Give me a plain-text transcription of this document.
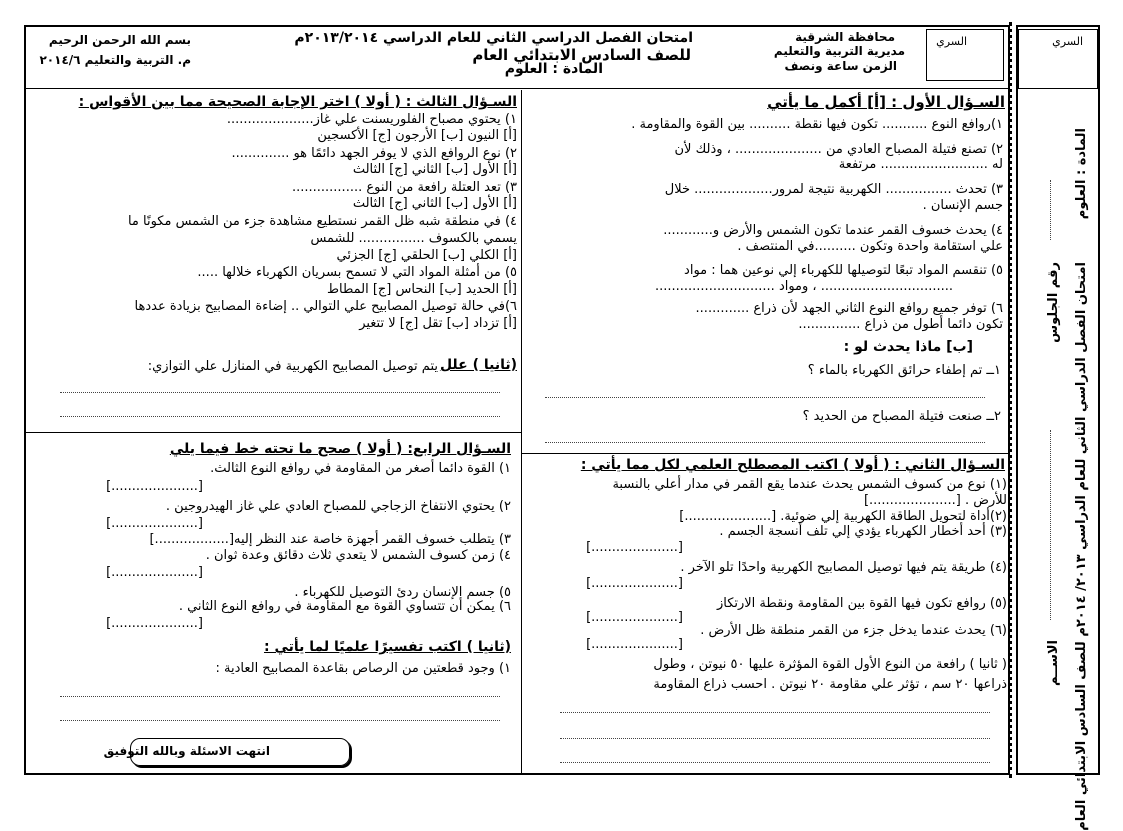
بسم الله الرحمن الرحيم
م. التربية والتعليم ٢٠١٤/٦
امتحان الفصل الدراسي الثاني للعام الدراسي ٢٠١٣/٢٠١٤م
للصف السادس الابتدائي العام
المادة : العلوم
محافظة الشرقية
مديرية التربية والتعليم
الزمن ساعة ونصف
السري	السري
المادة : العلوم
امتحان الفصل الدراسي الثاني للعام الدراسي ٢٠١٣/ ٢٠١٤م للصف السادس الابتدائي العام
رقم الجلوس
الاســم
السـؤال الأول : [أ] أكمل ما يأتي
١)روافع النوع ........... تكون فيها نقطة .......... بين القوة والمقاومة .
٢) تصنع فتيلة المصباح العادي من ..................... ، وذلك لأن
له .......................... مرتفعة
٣) تحدث ................ الكهربية نتيجة لمرور................... خلال
جسم الإنسان .
٤) يحدث خسوف القمر عندما تكون الشمس والأرض و............
علي استقامة واحدة وتكون ..........في المنتصف .
٥) تنقسم المواد تبعًا لتوصيلها للكهرباء إلي نوعين هما : مواد
................................ ، ومواد .............................
٦) توفر جميع روافع النوع الثاني الجهد لأن ذراع .............
تكون دائما أطول من ذراع ...............
[ب] ماذا يحدث لو :
١ــ تم إطفاء حرائق الكهرباء بالماء ؟
٢ــ صنعت فتيلة المصباح من الحديد ؟
السـؤال الثاني : ( أولا ) اكتب المصطلح العلمي لكل مما يأتي :
(١) نوع من كسوف الشمس يحدث عندما يقع القمر في مدار أعلي بالنسبة
للأرض . [.....................]
(٢)أداة لتحويل الطاقة الكهربية إلي ضوئية. [.....................]
(٣) أحد أخطار الكهرباء يؤدي إلي تلف أنسجة الجسم .
[.....................]
(٤) طريقة يتم فيها توصيل المصابيح الكهربية واحدًا تلو الآخر .
[.....................]
(٥) روافع تكون فيها القوة بين المقاومة ونقطة الارتكاز
[.....................]
(٦) يحدث عندما يدخل جزء من القمر منطقة ظل الأرض .
[.....................]
( ثانيا ) رافعة من النوع الأول القوة المؤثرة عليها ٥٠ نيوتن ، وطول
ذراعها ٢٠ سم ، تؤثر علي مقاومة ٢٠ نيوتن . احسب ذراع المقاومة
السـؤال الثالث : ( أولا ) اختر الإجابة الصحيحة مما بين الأقواس :
١) يحتوي مصباح الفلوريسنت علي غاز.....................
[أ] النيون [ب] الأرجون [ج] الأكسجين
٢) نوع الروافع الذي لا يوفر الجهد دائمًا هو ..............
[أ] الأول [ب] الثاني [ج] الثالث
٣) تعد العتلة رافعة من النوع .................
[أ] الأول [ب] الثاني [ج] الثالث
٤) في منطقة شبه ظل القمر نستطيع مشاهدة جزء من الشمس مكونًا ما
يسمي بالكسوف ................ للشمس
[أ] الكلي [ب] الحلقي [ج] الجزئي
٥) من أمثلة المواد التي لا تسمح بسريان الكهرباء خلالها .....
[أ] الحديد [ب] النحاس [ج] المطاط
٦)في حالة توصيل المصابيح علي التوالي .. إضاءة المصابيح بزيادة عددها
[أ] تزداد [ب] تقل [ج] لا تتغير
(ثانيا ) علل
يتم توصيل المصابيح الكهربية في المنازل علي التوازي:
السـؤال الرابع: ( أولا ) صحح ما تحته خط فيما يلي
١) القوة دائما أصغر من المقاومة في روافع النوع الثالث.
[.....................]
٢) يحتوي الانتفاخ الزجاجي للمصباح العادي علي غاز الهيدروجين .
[.....................]
٣) يتطلب خسوف القمر أجهزة خاصة عند النظر إليه[..................]
٤) زمن كسوف الشمس لا يتعدي ثلاث دقائق وعدة ثوان .
[.....................]
٥) جسم الإنسان ردئ التوصيل للكهرباء .
٦) يمكن أن تتساوي القوة مع المقاومة في روافع النوع الثاني .
[.....................]
(ثانيا ) اكتب تفسيرًا علميًا لما يأتي :
١) وجود قطعتين من الرصاص بقاعدة المصابيح العادية :
انتهت الاسئلة وبالله التوفيق
